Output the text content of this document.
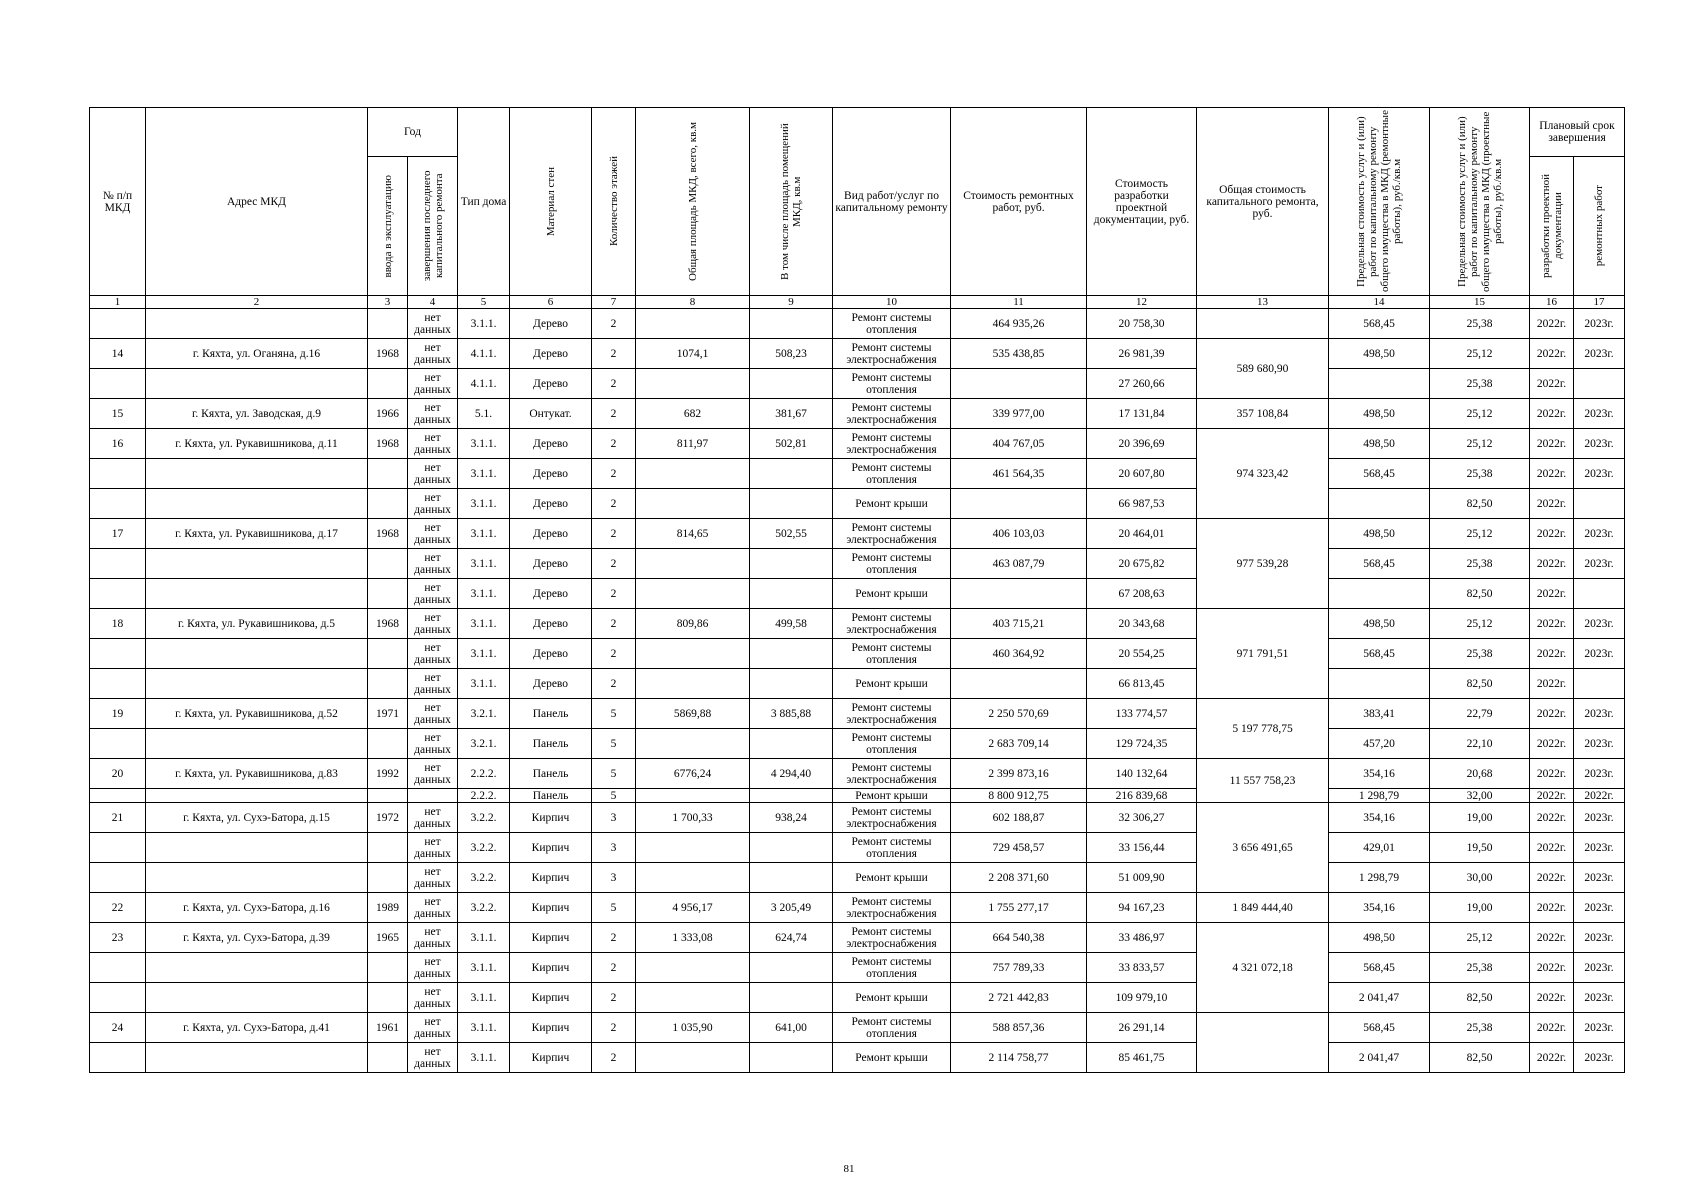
№ п/п МКД	Адрес МКД	Год		Тип дома	Материал стен	Количество этажей	Общая площадь МКД, всего, кв.м	В том числе площадь помещений МКД, кв.м	Вид работ/услуг по капитальному ремонту	Стоимость ремонтных работ, руб.	Стоимость разработки проектной документации, руб.	Общая стоимость капитального ремонта, руб.	Предельная стоимость услуг и (или) работ по капитальному ремонту общего имущества в МКД (ремонтные работы), руб./кв.м	Предельная стоимость услуг и (или) работ по капитальному ремонту общего имущества в МКД (проектные работы), руб./кв.м	Плановый срок завершения	

		ввода в эксплуатацию	завершения последнего капитального ремонта												разработки проектной документации	ремонтных работ

1	2	3	4	5	6	7	8	9	10	11	12	13	14	15	16	17
			нет данных	3.1.1.	Дерево	2			Ремонт системы отопления	464 935,26	20 758,30		568,45	25,38	2022г.	2023г.
14	г. Кяхта, ул. Оганяна, д.16	1968	нет данных	4.1.1.	Дерево	2	1074,1	508,23	Ремонт системы электроснабжения	535 438,85	26 981,39	589 680,90	498,50	25,12	2022г.	2023г.
			нет данных	4.1.1.	Дерево	2			Ремонт системы отопления		27 260,66			25,38	2022г.	
15	г. Кяхта, ул. Заводская, д.9	1966	нет данных	5.1.	Онтукат.	2	682	381,67	Ремонт системы электроснабжения	339 977,00	17 131,84	357 108,84	498,50	25,12	2022г.	2023г.
16	г. Кяхта, ул. Рукавишникова, д.11	1968	нет данных	3.1.1.	Дерево	2	811,97	502,81	Ремонт системы электроснабжения	404 767,05	20 396,69	974 323,42	498,50	25,12	2022г.	2023г.
			нет данных	3.1.1.	Дерево	2			Ремонт системы отопления	461 564,35	20 607,80		568,45	25,38	2022г.	2023г.
			нет данных	3.1.1.	Дерево	2			Ремонт крыши		66 987,53			82,50	2022г.	
17	г. Кяхта, ул. Рукавишникова, д.17	1968	нет данных	3.1.1.	Дерево	2	814,65	502,55	Ремонт системы электроснабжения	406 103,03	20 464,01	977 539,28	498,50	25,12	2022г.	2023г.
			нет данных	3.1.1.	Дерево	2			Ремонт системы отопления	463 087,79	20 675,82		568,45	25,38	2022г.	2023г.
			нет данных	3.1.1.	Дерево	2			Ремонт крыши		67 208,63			82,50	2022г.	
18	г. Кяхта, ул. Рукавишникова, д.5	1968	нет данных	3.1.1.	Дерево	2	809,86	499,58	Ремонт системы электроснабжения	403 715,21	20 343,68	971 791,51	498,50	25,12	2022г.	2023г.
			нет данных	3.1.1.	Дерево	2			Ремонт системы отопления	460 364,92	20 554,25		568,45	25,38	2022г.	2023г.
			нет данных	3.1.1.	Дерево	2			Ремонт крыши		66 813,45			82,50	2022г.	
19	г. Кяхта, ул. Рукавишникова, д.52	1971	нет данных	3.2.1.	Панель	5	5869,88	3 885,88	Ремонт системы электроснабжения	2 250 570,69	133 774,57	5 197 778,75	383,41	22,79	2022г.	2023г.
			нет данных	3.2.1.	Панель	5			Ремонт системы отопления	2 683 709,14	129 724,35		457,20	22,10	2022г.	2023г.
20	г. Кяхта, ул. Рукавишникова, д.83	1992	нет данных	2.2.2.	Панель	5	6776,24	4 294,40	Ремонт системы электроснабжения	2 399 873,16	140 132,64	11 557 758,23	354,16	20,68	2022г.	2023г.
				2.2.2.	Панель	5			Ремонт крыши	8 800 912,75	216 839,68		1 298,79	32,00	2022г.	2022г.
21	г. Кяхта, ул. Сухэ-Батора, д.15	1972	нет данных	3.2.2.	Кирпич	3	1 700,33	938,24	Ремонт системы электроснабжения	602 188,87	32 306,27	3 656 491,65	354,16	19,00	2022г.	2023г.
			нет данных	3.2.2.	Кирпич	3			Ремонт системы отопления	729 458,57	33 156,44		429,01	19,50	2022г.	2023г.
			нет данных	3.2.2.	Кирпич	3			Ремонт крыши	2 208 371,60	51 009,90		1 298,79	30,00	2022г.	2023г.
22	г. Кяхта, ул. Сухэ-Батора, д.16	1989	нет данных	3.2.2.	Кирпич	5	4 956,17	3 205,49	Ремонт системы электроснабжения	1 755 277,17	94 167,23	1 849 444,40	354,16	19,00	2022г.	2023г.
23	г. Кяхта, ул. Сухэ-Батора, д.39	1965	нет данных	3.1.1.	Кирпич	2	1 333,08	624,74	Ремонт системы электроснабжения	664 540,38	33 486,97	4 321 072,18	498,50	25,12	2022г.	2023г.
			нет данных	3.1.1.	Кирпич	2			Ремонт системы отопления	757 789,33	33 833,57		568,45	25,38	2022г.	2023г.
			нет данных	3.1.1.	Кирпич	2			Ремонт крыши	2 721 442,83	109 979,10		2 041,47	82,50	2022г.	2023г.
24	г. Кяхта, ул. Сухэ-Батора, д.41	1961	нет данных	3.1.1.	Кирпич	2	1 035,90	641,00	Ремонт системы отопления	588 857,36	26 291,14		568,45	25,38	2022г.	2023г.
			нет данных	3.1.1.	Кирпич	2			Ремонт крыши	2 114 758,77	85 461,75		2 041,47	82,50	2022г.	2023г.
81
